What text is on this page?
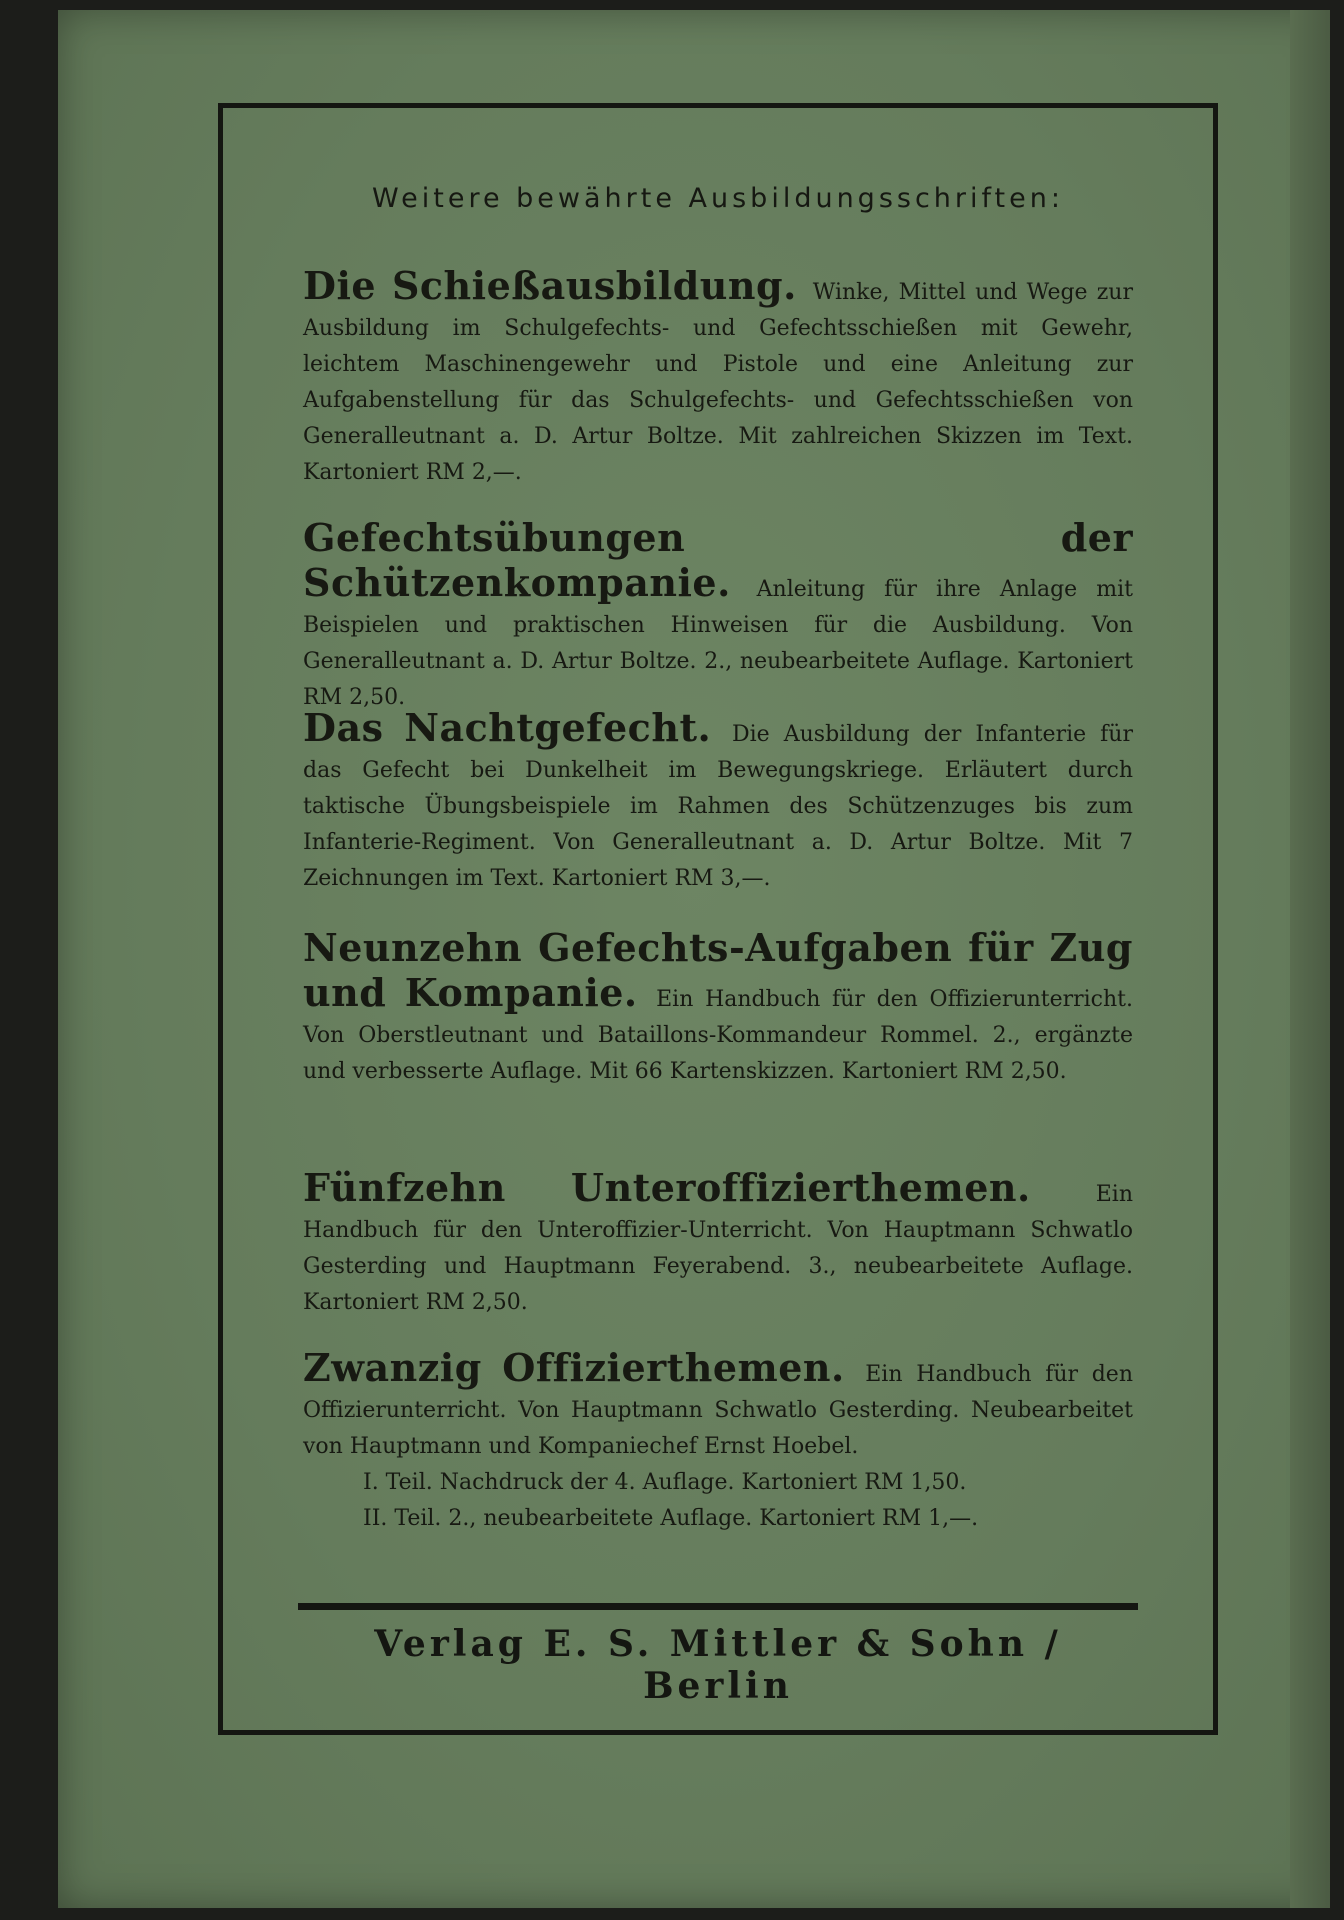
Weitere bewährte Ausbildungsschriften:
Die Schießausbildung. Winke, Mittel und Wege zur Ausbildung im Schulgefechts- und Gefechtsschießen mit Gewehr, leichtem Maschinengewehr und Pistole und eine Anleitung zur Aufgabenstellung für das Schulgefechts- und Gefechtsschießen von Generalleutnant a. D. Artur Boltze. Mit zahlreichen Skizzen im Text. Kartoniert RM 2,—.
Gefechtsübungen der Schützenkompanie. Anleitung für ihre Anlage mit Beispielen und praktischen Hinweisen für die Ausbildung. Von Generalleutnant a. D. Artur Boltze. 2., neubearbeitete Auflage. Kartoniert RM 2,50.
Das Nachtgefecht. Die Ausbildung der Infanterie für das Gefecht bei Dunkelheit im Bewegungskriege. Erläutert durch taktische Übungsbeispiele im Rahmen des Schützenzuges bis zum Infanterie-Regiment. Von Generalleutnant a. D. Artur Boltze. Mit 7 Zeichnungen im Text. Kartoniert RM 3,—.
Neunzehn Gefechts-Aufgaben für Zug und Kompanie. Ein Handbuch für den Offizierunterricht. Von Oberstleutnant und Bataillons-Kommandeur Rommel. 2., ergänzte und verbesserte Auflage. Mit 66 Kartenskizzen. Kartoniert RM 2,50.
Fünfzehn Unteroffizierthemen. Ein Handbuch für den Unteroffizier-Unterricht. Von Hauptmann Schwatlo Gesterding und Hauptmann Feyerabend. 3., neubearbeitete Auflage. Kartoniert RM 2,50.
Zwanzig Offizierthemen. Ein Handbuch für den Offizierunterricht. Von Hauptmann Schwatlo Gesterding. Neubearbeitet von Hauptmann und Kompaniechef Ernst Hoebel.
I. Teil. Nachdruck der 4. Auflage. Kartoniert RM 1,50.
II. Teil. 2., neubearbeitete Auflage. Kartoniert RM 1,—.
Verlag E. S. Mittler & Sohn / Berlin
